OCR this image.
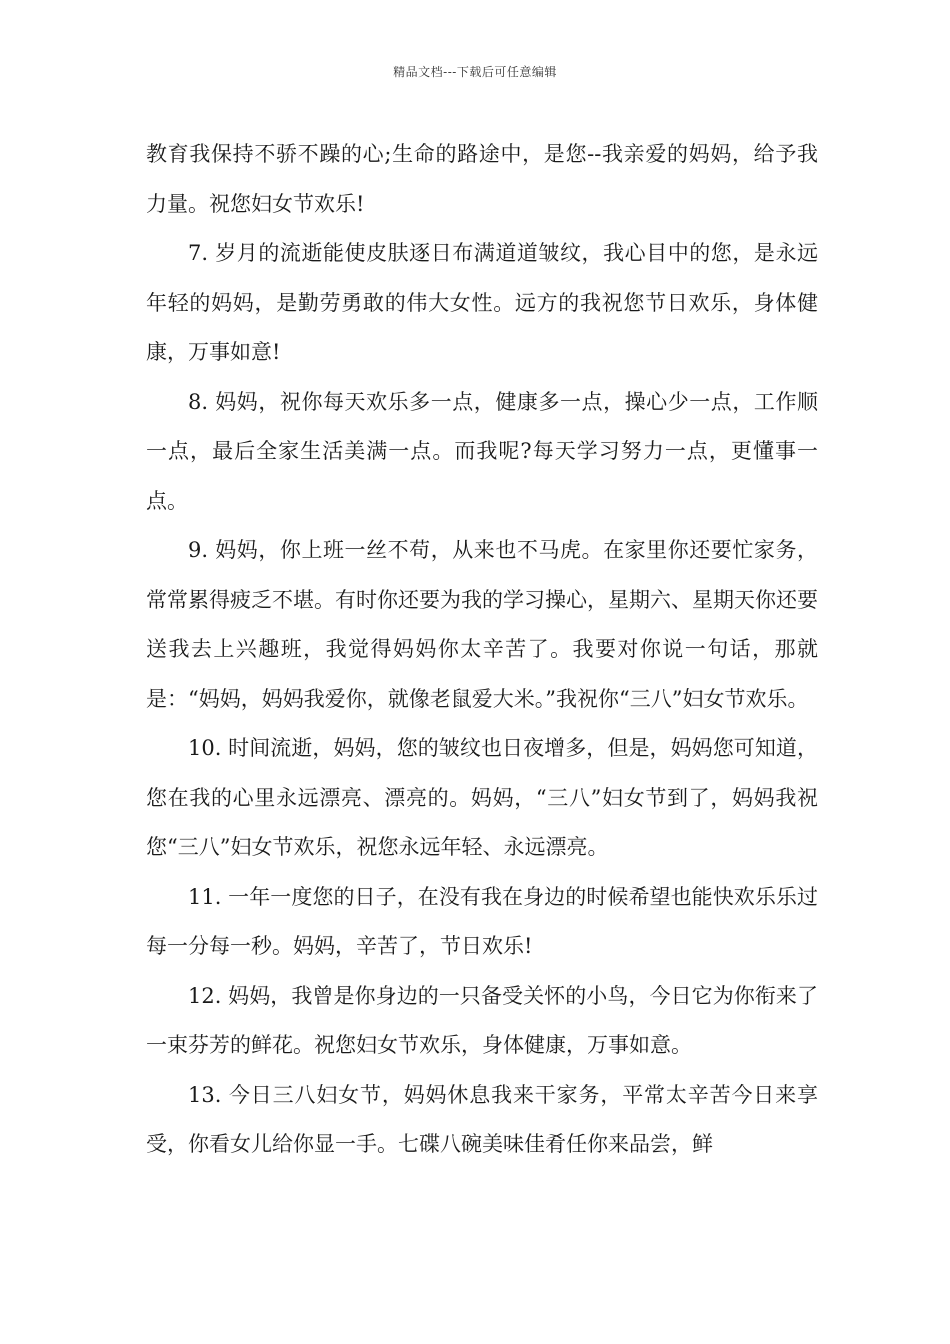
精品文档---下载后可任意编辑

教育我保持不骄不躁的心;生命的路途中，是您--我亲爱的妈妈，给予我力量。祝您妇女节欢乐!

7. 岁月的流逝能使皮肤逐日布满道道皱纹，我心目中的您，是永远年轻的妈妈，是勤劳勇敢的伟大女性。远方的我祝您节日欢乐，身体健康，万事如意!

8. 妈妈，祝你每天欢乐多一点，健康多一点，操心少一点，工作顺一点，最后全家生活美满一点。而我呢?每天学习努力一点，更懂事一点。

9. 妈妈，你上班一丝不苟，从来也不马虎。在家里你还要忙家务，常常累得疲乏不堪。有时你还要为我的学习操心，星期六、星期天你还要送我去上兴趣班，我觉得妈妈你太辛苦了。我要对你说一句话，那就是：“妈妈，妈妈我爱你，就像老鼠爱大米。”我祝你“三八”妇女节欢乐。

10. 时间流逝，妈妈，您的皱纹也日夜增多，但是，妈妈您可知道，您在我的心里永远漂亮、漂亮的。妈妈，“三八”妇女节到了，妈妈我祝您“三八”妇女节欢乐，祝您永远年轻、永远漂亮。

11. 一年一度您的日子，在没有我在身边的时候希望也能快欢乐乐过每一分每一秒。妈妈，辛苦了，节日欢乐!

12. 妈妈，我曾是你身边的一只备受关怀的小鸟，今日它为你衔来了一束芬芳的鲜花。祝您妇女节欢乐，身体健康，万事如意。

13. 今日三八妇女节，妈妈休息我来干家务，平常太辛苦今日来享受，你看女儿给你显一手。七碟八碗美味佳肴任你来品尝，鲜
